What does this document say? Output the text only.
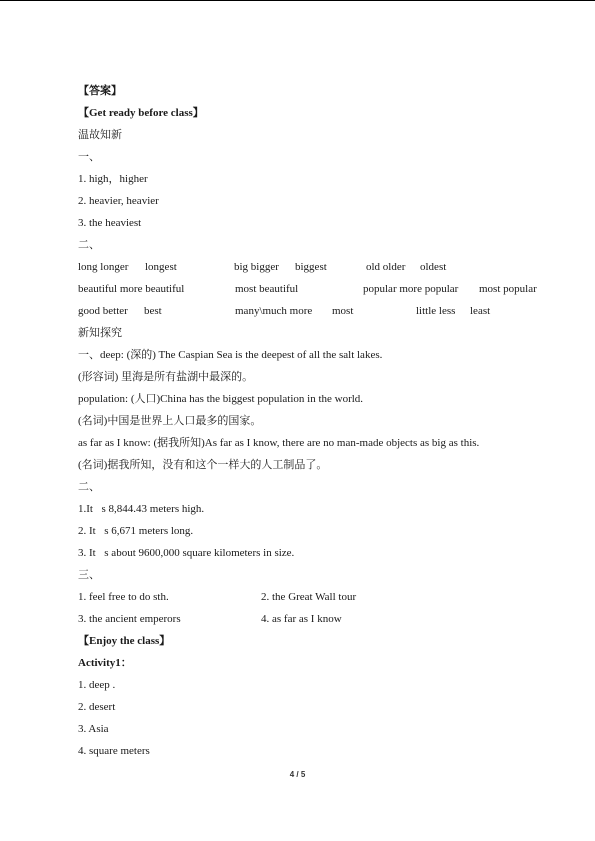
【答案】
【Get ready before class】
温故知新
一、
1. high，higher
2. heavier, heavier
3. the heaviest
二、
long longer longest	big bigger biggest	old older oldest
beautiful more beautiful	most beautiful	popular more popular most popular
good better best	many\much more most	little less least
新知探究
一、deep: (深的) The Caspian Sea is the deepest of all the salt lakes.
(形容词) 里海是所有盐湖中最深的。
population: (人口)China has the biggest population in the world.
(名词)中国是世界上人口最多的国家。
as far as I know: (据我所知)As far as I know, there are no man-made objects as big as this.
(名词)据我所知，没有和这个一样大的人工制品了。
二、
1.It s 8,844.43 meters high.
2. It s 6,671 meters long.
3. It s about 9600,000 square kilometers in size.
三、
1. feel free to do sth.	2. the Great Wall tour
3. the ancient emperors	4. as far as I know
【Enjoy the class】
Activity1：
1. deep .
2. desert
3. Asia
4. square meters
4 / 5
